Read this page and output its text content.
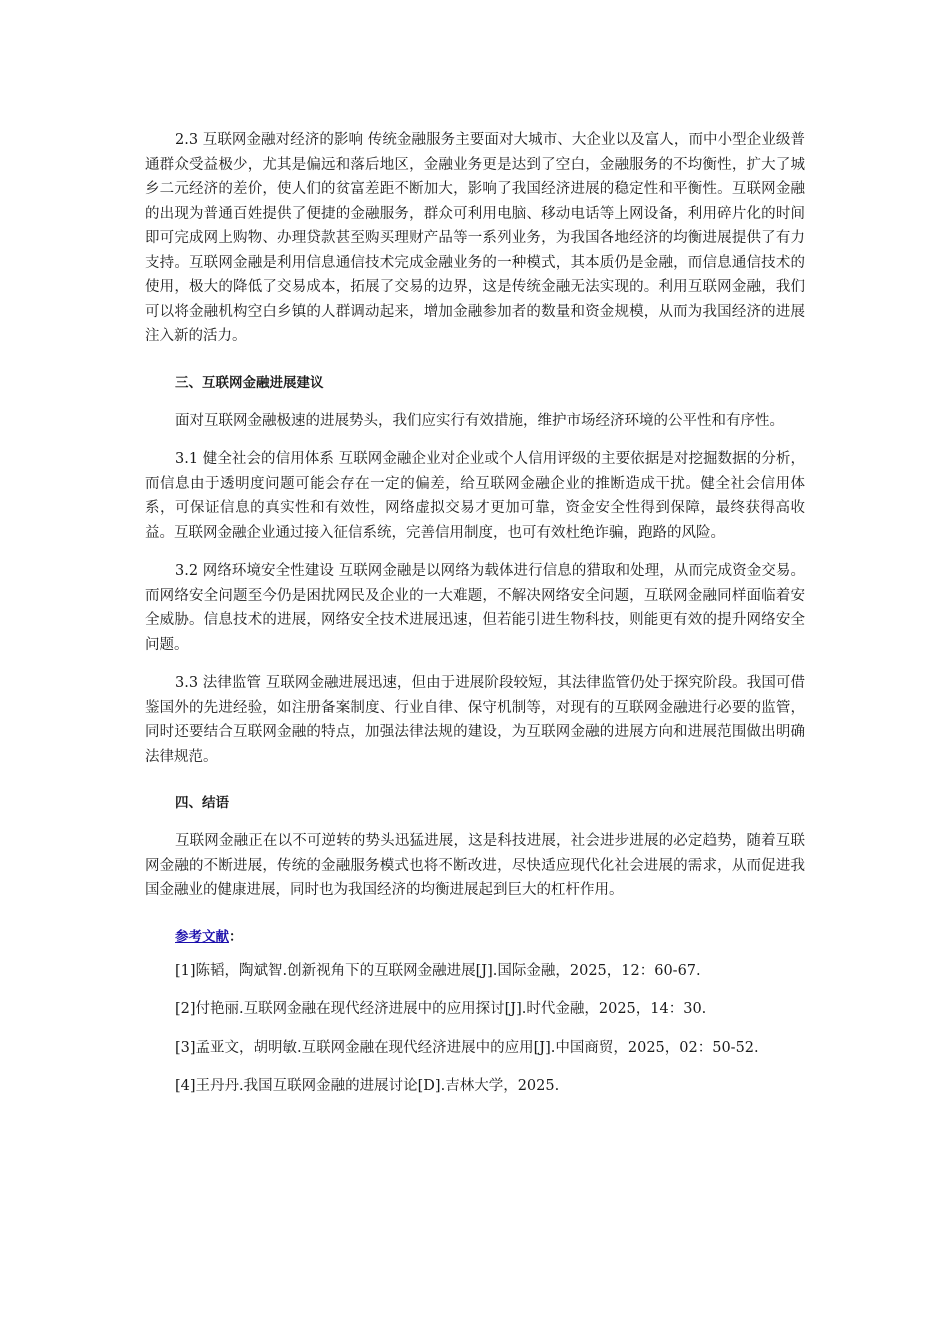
2.3 互联网金融对经济的影响 传统金融服务主要面对大城市、大企业以及富人，而中小型企业级普通群众受益极少，尤其是偏远和落后地区，金融业务更是达到了空白，金融服务的不均衡性，扩大了城乡二元经济的差价，使人们的贫富差距不断加大，影响了我国经济进展的稳定性和平衡性。互联网金融的出现为普通百姓提供了便捷的金融服务，群众可利用电脑、移动电话等上网设备，利用碎片化的时间即可完成网上购物、办理贷款甚至购买理财产品等一系列业务，为我国各地经济的均衡进展提供了有力支持。互联网金融是利用信息通信技术完成金融业务的一种模式，其本质仍是金融，而信息通信技术的使用，极大的降低了交易成本，拓展了交易的边界，这是传统金融无法实现的。利用互联网金融，我们可以将金融机构空白乡镇的人群调动起来，增加金融参加者的数量和资金规模，从而为我国经济的进展注入新的活力。

三、互联网金融进展建议

面对互联网金融极速的进展势头，我们应实行有效措施，维护市场经济环境的公平性和有序性。

3.1 健全社会的信用体系 互联网金融企业对企业或个人信用评级的主要依据是对挖掘数据的分析，而信息由于透明度问题可能会存在一定的偏差，给互联网金融企业的推断造成干扰。健全社会信用体系，可保证信息的真实性和有效性，网络虚拟交易才更加可靠，资金安全性得到保障，最终获得高收益。互联网金融企业通过接入征信系统，完善信用制度，也可有效杜绝诈骗，跑路的风险。

3.2 网络环境安全性建设 互联网金融是以网络为载体进行信息的猎取和处理，从而完成资金交易。而网络安全问题至今仍是困扰网民及企业的一大难题，不解决网络安全问题，互联网金融同样面临着安全威胁。信息技术的进展，网络安全技术进展迅速，但若能引进生物科技，则能更有效的提升网络安全问题。

3.3 法律监管 互联网金融进展迅速，但由于进展阶段较短，其法律监管仍处于探究阶段。我国可借鉴国外的先进经验，如注册备案制度、行业自律、保守机制等，对现有的互联网金融进行必要的监管，同时还要结合互联网金融的特点，加强法律法规的建设，为互联网金融的进展方向和进展范围做出明确法律规范。

四、结语

互联网金融正在以不可逆转的势头迅猛进展，这是科技进展，社会进步进展的必定趋势，随着互联网金融的不断进展，传统的金融服务模式也将不断改进，尽快适应现代化社会进展的需求，从而促进我国金融业的健康进展，同时也为我国经济的均衡进展起到巨大的杠杆作用。

参考文献：

[1]陈韬，陶斌智.创新视角下的互联网金融进展[J].国际金融，2025，12：60-67.

[2]付艳丽.互联网金融在现代经济进展中的应用探讨[J].时代金融，2025，14：30.

[3]孟亚文，胡明敏.互联网金融在现代经济进展中的应用[J].中国商贸，2025，02：50-52.

[4]王丹丹.我国互联网金融的进展讨论[D].吉林大学，2025.
